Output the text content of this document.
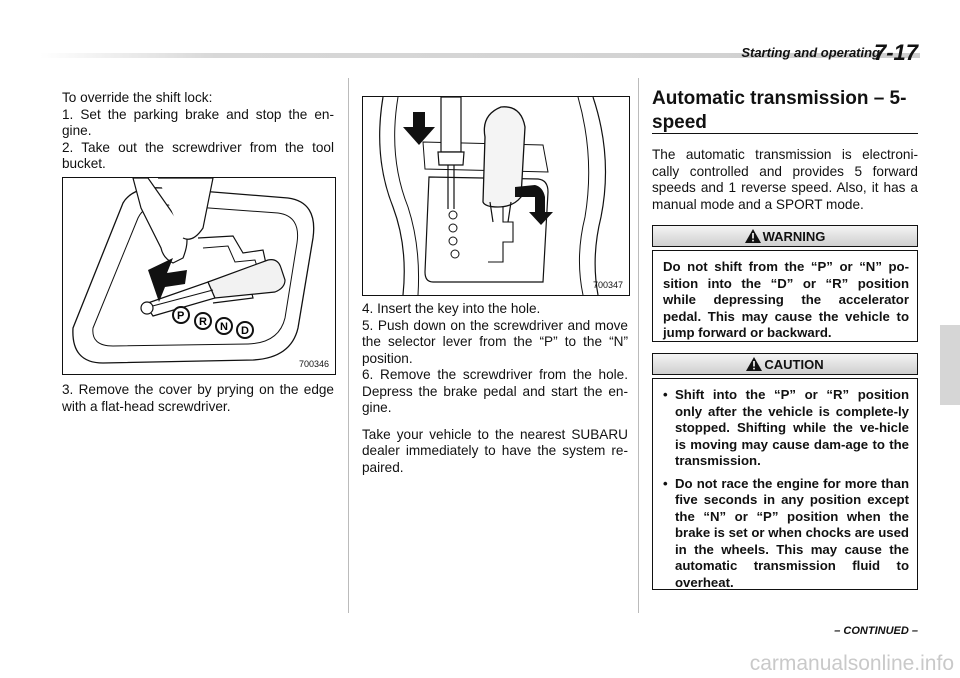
Starting and operating
7-17

To override the shift lock:

1. Set the parking brake and stop the en-gine.

2. Take out the screwdriver from the tool bucket.

P R N D
700346

3. Remove the cover by prying on the edge with a flat-head screwdriver.

700347

4. Insert the key into the hole.

5. Push down on the screwdriver and move the selector lever from the “P” to the “N” position.

6. Remove the screwdriver from the hole. Depress the brake pedal and start the en-gine.

Take your vehicle to the nearest SUBARU dealer immediately to have the system re-paired.

Automatic transmission – 5-speed

The automatic transmission is electroni-cally controlled and provides 5 forward speeds and 1 reverse speed. Also, it has a manual mode and a SPORT mode.

WARNING
Do not shift from the “P” or “N” po-sition into the “D” or “R” position while depressing the accelerator pedal. This may cause the vehicle to jump forward or backward.
CAUTION
• Shift into the “P” or “R” position only after the vehicle is complete-ly stopped. Shifting while the ve-hicle is moving may cause dam-age to the transmission.
• Do not race the engine for more than five seconds in any position except the “N” or “P” position when the brake is set or when chocks are used in the wheels. This may cause the automatic transmission fluid to overheat.
– CONTINUED –
carmanualsonline.info
